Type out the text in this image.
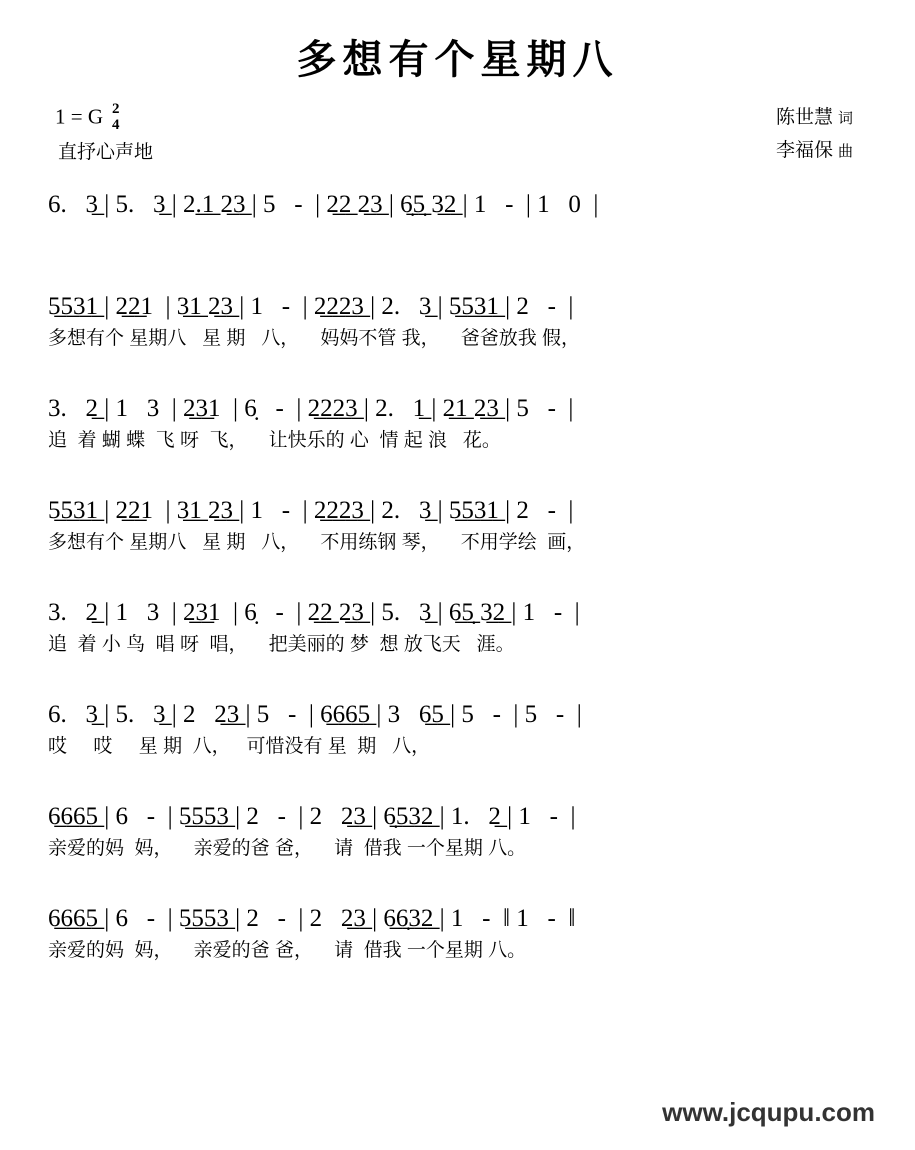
多想有个星期八
1 = G 2
4
直抒心声地
陈世慧 词
李福保 曲
6.   3̲ | 5.   3̲ | 2.̲1̲ 2̲3̲ | 5   -  | 2̲2̲ 2̲3̲ | 6̣̲5̣̲ 3̲2̲ | 1   -  | 1   0  |
5̲5̲3̲1̲ | 2̲2̲1  | 3̲1̲ 2̲3̲ | 1   -  | 2̲2̲2̲3̲ | 2.   3̲ | 5̲5̲3̲1̲ | 2   -  |
多想有个 星期八   星 期   八，    妈妈不管 我，    爸爸放我 假，
3.   2̲ | 1   3  | 2̲3̲1  | 6̣   -  | 2̲2̲2̲3̲ | 2.   1̲ | 2̲1̲ 2̲3̲ | 5   -  |
追  着 蝴 蝶  飞 呀  飞，    让快乐的 心  情 起 浪   花。
5̲5̲3̲1̲ | 2̲2̲1  | 3̲1̲ 2̲3̲ | 1   -  | 2̲2̲2̲3̲ | 2.   3̲ | 5̲5̲3̲1̲ | 2   -  |
多想有个 星期八   星 期   八，    不用练钢 琴，    不用学绘  画，
3.   2̲ | 1   3  | 2̲3̲1  | 6̣   -  | 2̲2̲ 2̲3̲ | 5.   3̲ | 6̲5̣̲ 3̲2̲ | 1   -  |
追  着 小 鸟  唱 呀  唱，    把美丽的 梦  想 放飞天   涯。
6.   3̲ | 5.   3̲ | 2   2̲3̲ | 5   -  | 6̲6̲6̲5̲ | 3   6̲5̲ | 5   -  | 5   -  |
哎     哎     星 期  八，   可惜没有 星  期   八，
6̲6̲6̲5̲ | 6   -  | 5̲5̲5̲3̲ | 2   -  | 2   2̲3̲ | 6̣̲5̲3̲2̲ | 1.   2̲ | 1   -  |
亲爱的妈  妈，    亲爱的爸 爸，    请  借我 一个星期 八。
6̲6̲6̲5̲ | 6   -  | 5̲5̲5̲3̲ | 2   -  | 2   2̲3̲ | 6̲6̣̲3̲2̲ | 1   -  ‖ 1   -  ‖
亲爱的妈  妈，    亲爱的爸 爸，    请  借我 一个星期 八。
www.jcqupu.com
